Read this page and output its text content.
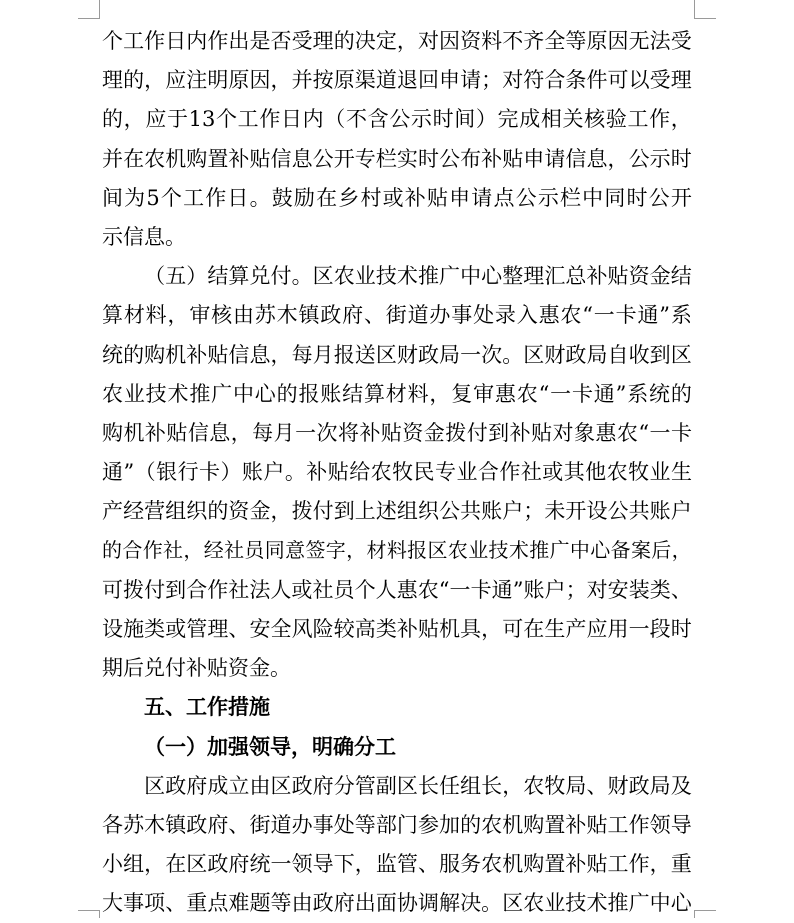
个 工 作 日 内 作 出 是 否 受 理 的 决 定 ， 对 因 资 料 不 齐 全 等 原 因 无 法 受
理 的 ， 应 注 明 原 因 ， 并 按 原 渠 道 退 回 申 请 ； 对 符 合 条 件 可 以 受 理
的 ， 应 于 13 个 工 作 日 内 （ 不 含 公 示 时 间 ） 完 成 相 关 核 验 工 作 ，
并 在 农 机 购 置 补 贴 信 息 公 开 专 栏 实 时 公 布 补 贴 申 请 信 息 ， 公 示 时
间 为 5 个 工 作 日 。 鼓 励 在 乡 村 或 补 贴 申 请 点 公 示 栏 中 同 时 公 开
示 信 息 。

（ 五 ） 结 算 兑 付 。 区 农 业 技 术 推 广 中 心 整 理 汇 总 补 贴 资 金 结
算 材 料 ， 审 核 由 苏 木 镇 政 府 、 街 道 办 事 处 录 入 惠 农 “ 一 卡 通 ” 系
统 的 购 机 补 贴 信 息 ， 每 月 报 送 区 财 政 局 一 次 。 区 财 政 局 自 收 到 区
农 业 技 术 推 广 中 心 的 报 账 结 算 材 料 ， 复 审 惠 农 “ 一 卡 通 ” 系 统 的
购 机 补 贴 信 息 ， 每 月 一 次 将 补 贴 资 金 拨 付 到 补 贴 对 象 惠 农 “ 一 卡
通 ” （ 银 行 卡 ） 账 户 。 补 贴 给 农 牧 民 专 业 合 作 社 或 其 他 农 牧 业 生
产 经 营 组 织 的 资 金 ， 拨 付 到 上 述 组 织 公 共 账 户 ； 未 开 设 公 共 账 户
的 合 作 社 ， 经 社 员 同 意 签 字 ， 材 料 报 区 农 业 技 术 推 广 中 心 备 案 后 ，
可 拨 付 到 合 作 社 法 人 或 社 员 个 人 惠 农 “ 一 卡 通 ” 账 户 ； 对 安 装 类 、
设 施 类 或 管 理 、 安 全 风 险 较 高 类 补 贴 机 具 ， 可 在 生 产 应 用 一 段 时
期 后 兑 付 补 贴 资 金 。

五 、 工 作 措 施

（ 一 ） 加 强 领 导 ， 明 确 分 工

区 政 府 成 立 由 区 政 府 分 管 副 区 长 任 组 长 ， 农 牧 局 、 财 政 局 及
各 苏 木 镇 政 府 、 街 道 办 事 处 等 部 门 参 加 的 农 机 购 置 补 贴 工 作 领 导
小 组 ， 在 区 政 府 统 一 领 导 下 ， 监 管 、 服 务 农 机 购 置 补 贴 工 作 ， 重
大 事 项 、 重 点 难 题 等 由 政 府 出 面 协 调 解 决 。 区 农 业 技 术 推 广 中 心
